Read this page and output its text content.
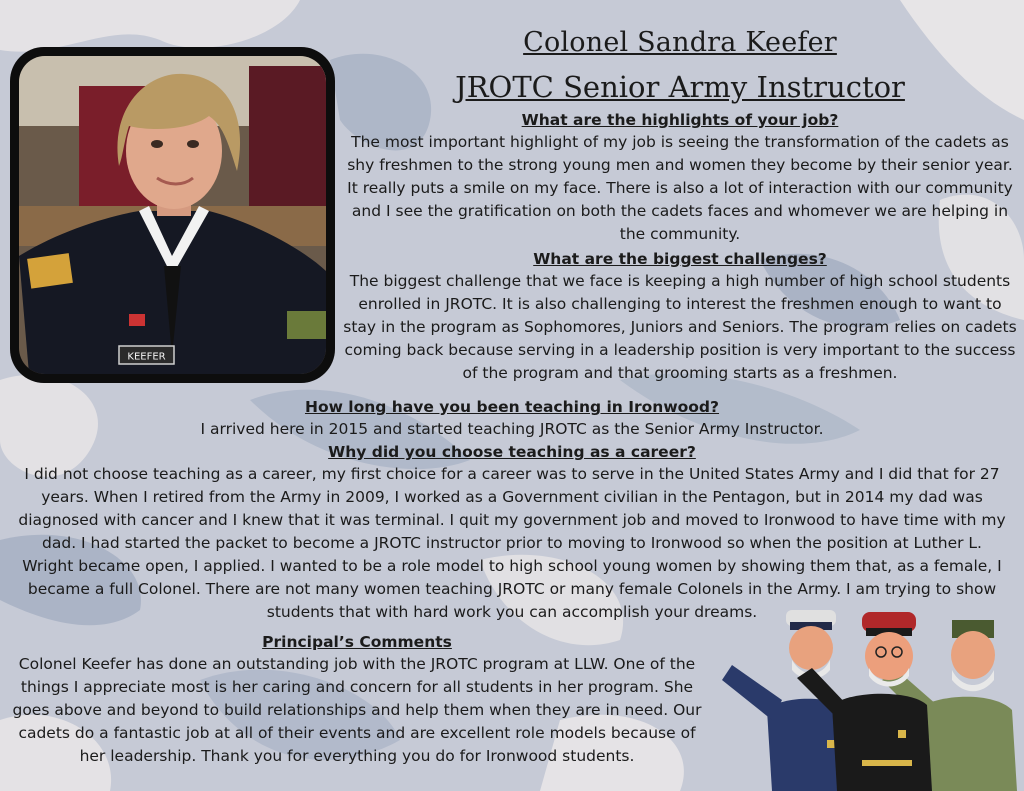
KEEFER
Colonel Sandra Keefer
JROTC Senior Army Instructor
What are the highlights of your job?
The most important highlight of my job is seeing the transformation of the cadets as shy freshmen to the strong young men and women they become by their senior year. It really puts a smile on my face. There is also a lot of interaction with our community and I see the gratification on both the cadets faces and whomever we are helping in the community.
What are the biggest challenges?
The biggest challenge that we face is keeping a high number of high school students enrolled in JROTC. It is also challenging to interest the freshmen enough to want to stay in the program as Sophomores, Juniors and Seniors. The program relies on cadets coming back because serving in a leadership position is very important to the success of the program and that grooming starts as a freshmen.
How long have you been teaching in Ironwood?
I arrived here in 2015 and started teaching JROTC as the Senior Army Instructor.
Why did you choose teaching as a career?
I did not choose teaching as a career, my first choice for a career was to serve in the United States Army and I did that for 27 years. When I retired from the Army in 2009, I worked as a Government civilian in the Pentagon, but in 2014 my dad was diagnosed with cancer and I knew that it was terminal. I quit my government job and moved to Ironwood to have time with my dad. I had started the packet to become a JROTC instructor prior to moving to Ironwood so when the position at Luther L. Wright became open, I applied. I wanted to be a role model to high school young women by showing them that, as a female, I became a full Colonel. There are not many women teaching JROTC or many female Colonels in the Army. I am trying to show students that with hard work you can accomplish your dreams.
Principal’s Comments
Colonel Keefer has done an outstanding job with the JROTC program at LLW. One of the things I appreciate most is her caring and concern for all students in her program. She goes above and beyond to build relationships and help them when they are in need. Our cadets do a fantastic job at all of their events and are excellent role models because of her leadership. Thank you for everything you do for Ironwood students.
